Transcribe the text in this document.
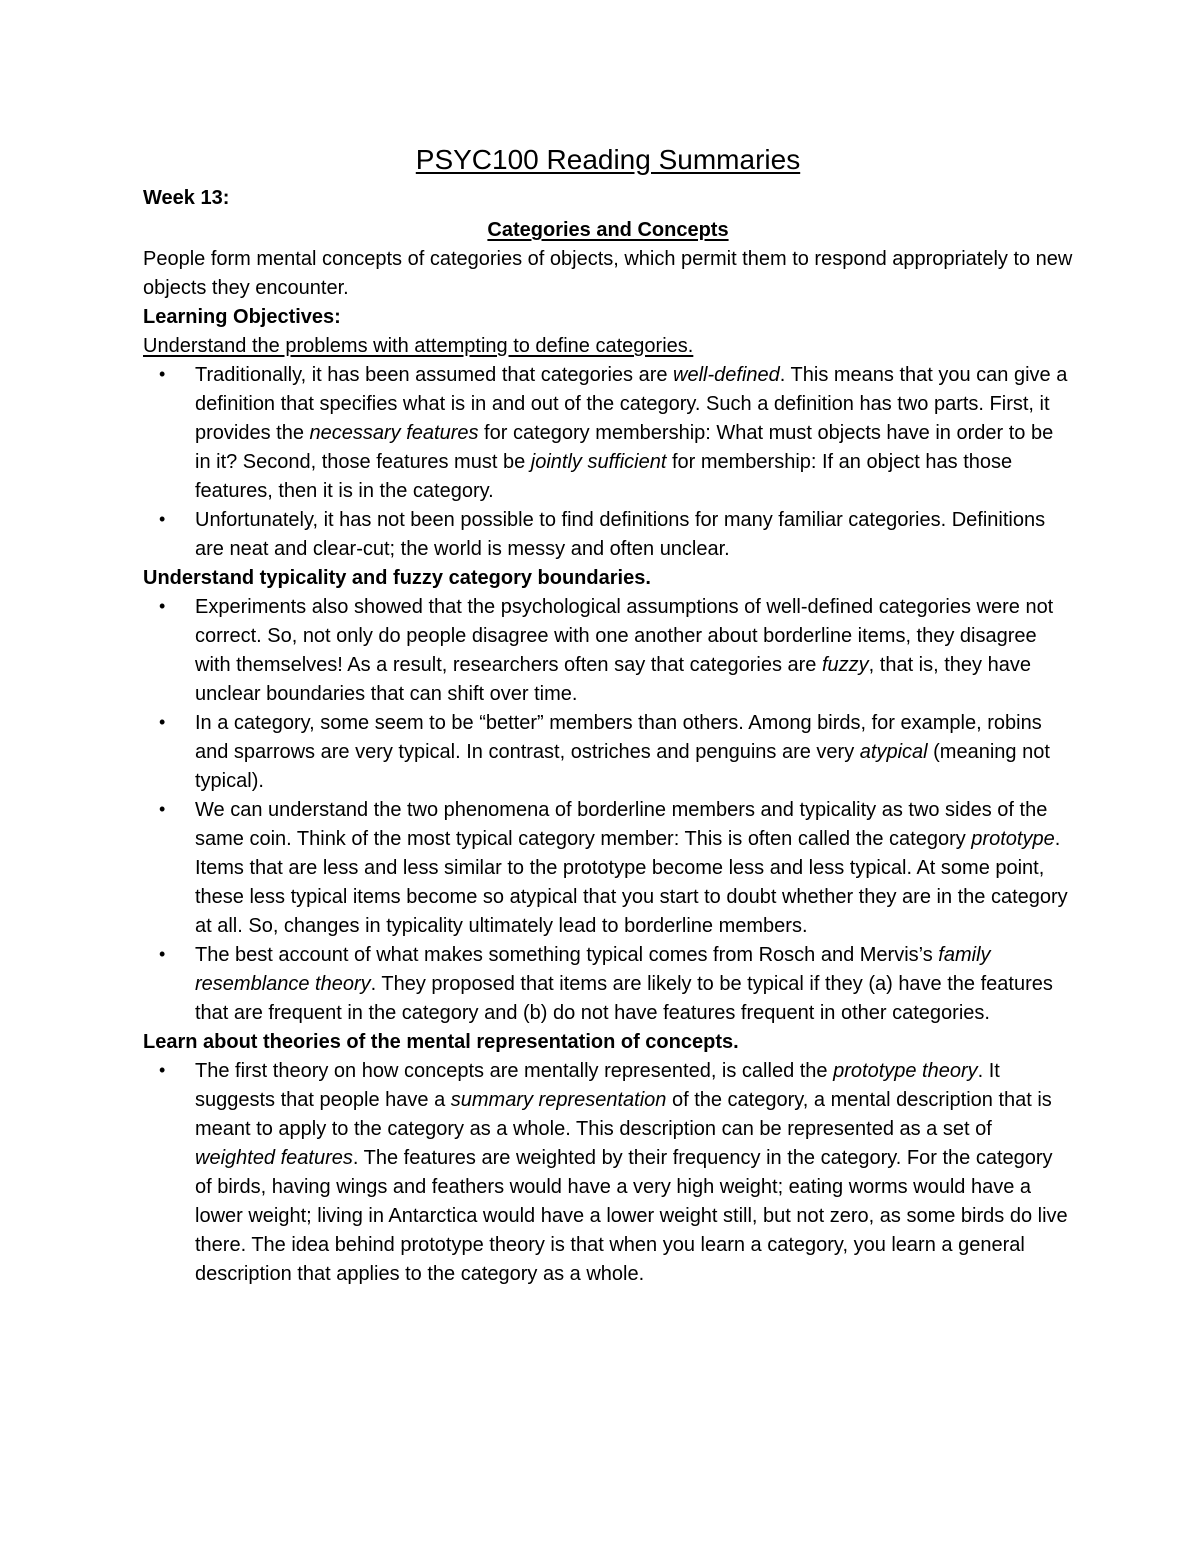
PSYC100 Reading Summaries
Week 13:
Categories and Concepts

People form mental concepts of categories of objects, which permit them to respond appropriately to new objects they encounter.

Learning Objectives:
Understand the problems with attempting to define categories.
• Traditionally, it has been assumed that categories are well-defined. This means that you can give a definition that specifies what is in and out of the category. Such a definition has two parts. First, it provides the necessary features for category membership: What must objects have in order to be in it? Second, those features must be jointly sufficient for membership: If an object has those features, then it is in the category.
• Unfortunately, it has not been possible to find definitions for many familiar categories. Definitions are neat and clear-cut; the world is messy and often unclear.
Understand typicality and fuzzy category boundaries.
• Experiments also showed that the psychological assumptions of well-defined categories were not correct. So, not only do people disagree with one another about borderline items, they disagree with themselves! As a result, researchers often say that categories are fuzzy, that is, they have unclear boundaries that can shift over time.
• In a category, some seem to be “better” members than others. Among birds, for example, robins and sparrows are very typical. In contrast, ostriches and penguins are very atypical (meaning not typical).
• We can understand the two phenomena of borderline members and typicality as two sides of the same coin. Think of the most typical category member: This is often called the category prototype. Items that are less and less similar to the prototype become less and less typical. At some point, these less typical items become so atypical that you start to doubt whether they are in the category at all. So, changes in typicality ultimately lead to borderline members.
• The best account of what makes something typical comes from Rosch and Mervis’s family resemblance theory. They proposed that items are likely to be typical if they (a) have the features that are frequent in the category and (b) do not have features frequent in other categories.
Learn about theories of the mental representation of concepts.
• The first theory on how concepts are mentally represented, is called the prototype theory. It suggests that people have a summary representation of the category, a mental description that is meant to apply to the category as a whole. This description can be represented as a set of weighted features. The features are weighted by their frequency in the category. For the category of birds, having wings and feathers would have a very high weight; eating worms would have a lower weight; living in Antarctica would have a lower weight still, but not zero, as some birds do live there. The idea behind prototype theory is that when you learn a category, you learn a general description that applies to the category as a whole.
